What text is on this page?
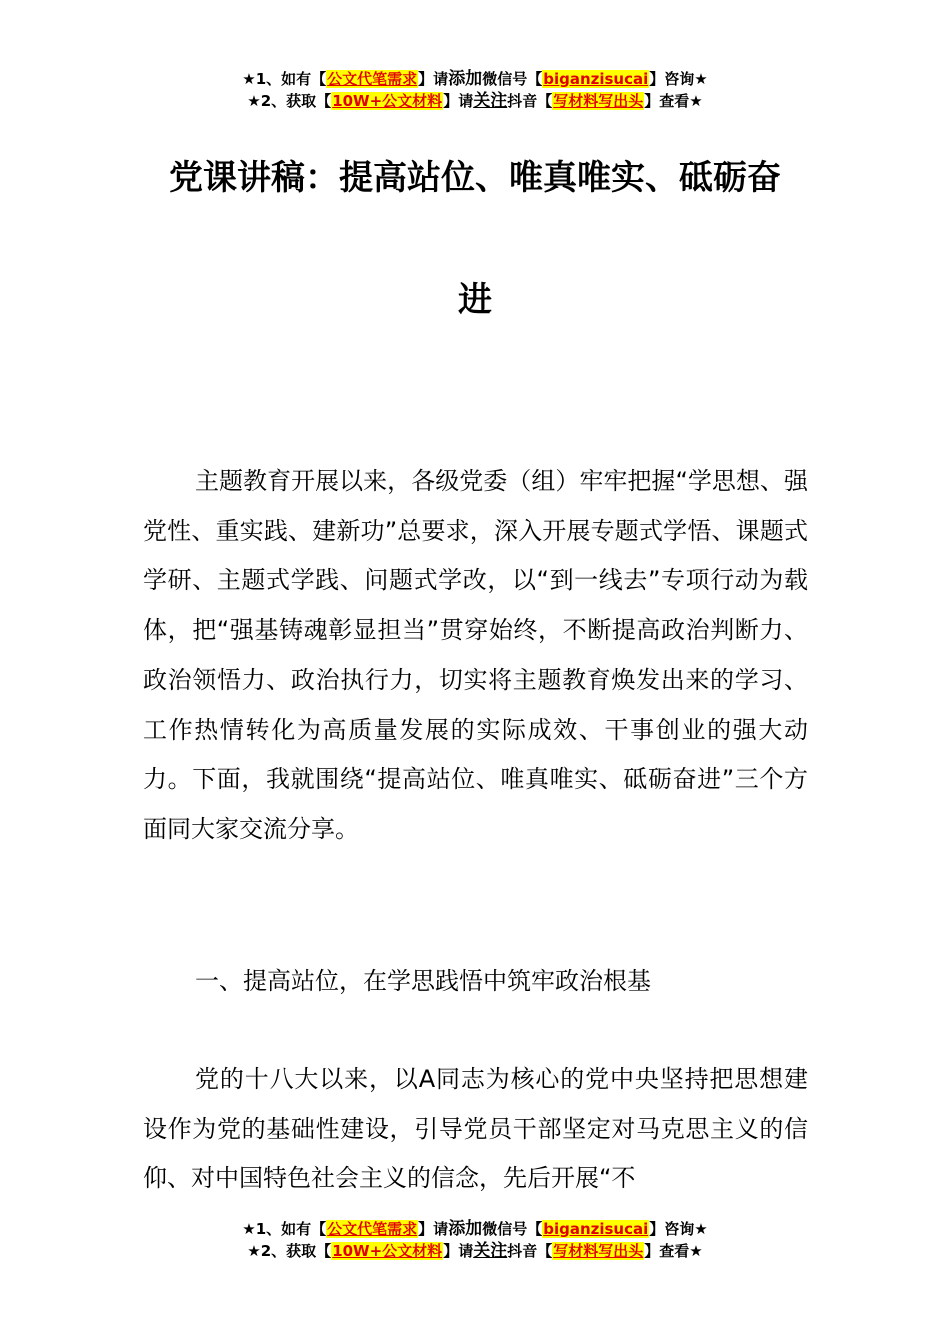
★1、如有【公文代笔需求】请添加微信号【biganzisucai】咨询★
★2、获取【10W+公文材料】请关注抖音【写材料写出头】查看★
党课讲稿：提高站位、唯真唯实、砥砺奋
进

主题教育开展以来，各级党委（组）牢牢把握“学思想、强党性、重实践、建新功”总要求，深入开展专题式学悟、课题式学研、主题式学践、问题式学改，以“到一线去”专项行动为载体，把“强基铸魂彰显担当”贯穿始终，不断提高政治判断力、政治领悟力、政治执行力，切实将主题教育焕发出来的学习、工作热情转化为高质量发展的实际成效、干事创业的强大动力。下面，我就围绕“提高站位、唯真唯实、砥砺奋进”三个方面同大家交流分享。

一、提高站位，在学思践悟中筑牢政治根基

党的十八大以来，以A同志为核心的党中央坚持把思想建设作为党的基础性建设，引导党员干部坚定对马克思主义的信仰、对中国特色社会主义的信念，先后开展“不

★1、如有【公文代笔需求】请添加微信号【biganzisucai】咨询★
★2、获取【10W+公文材料】请关注抖音【写材料写出头】查看★
